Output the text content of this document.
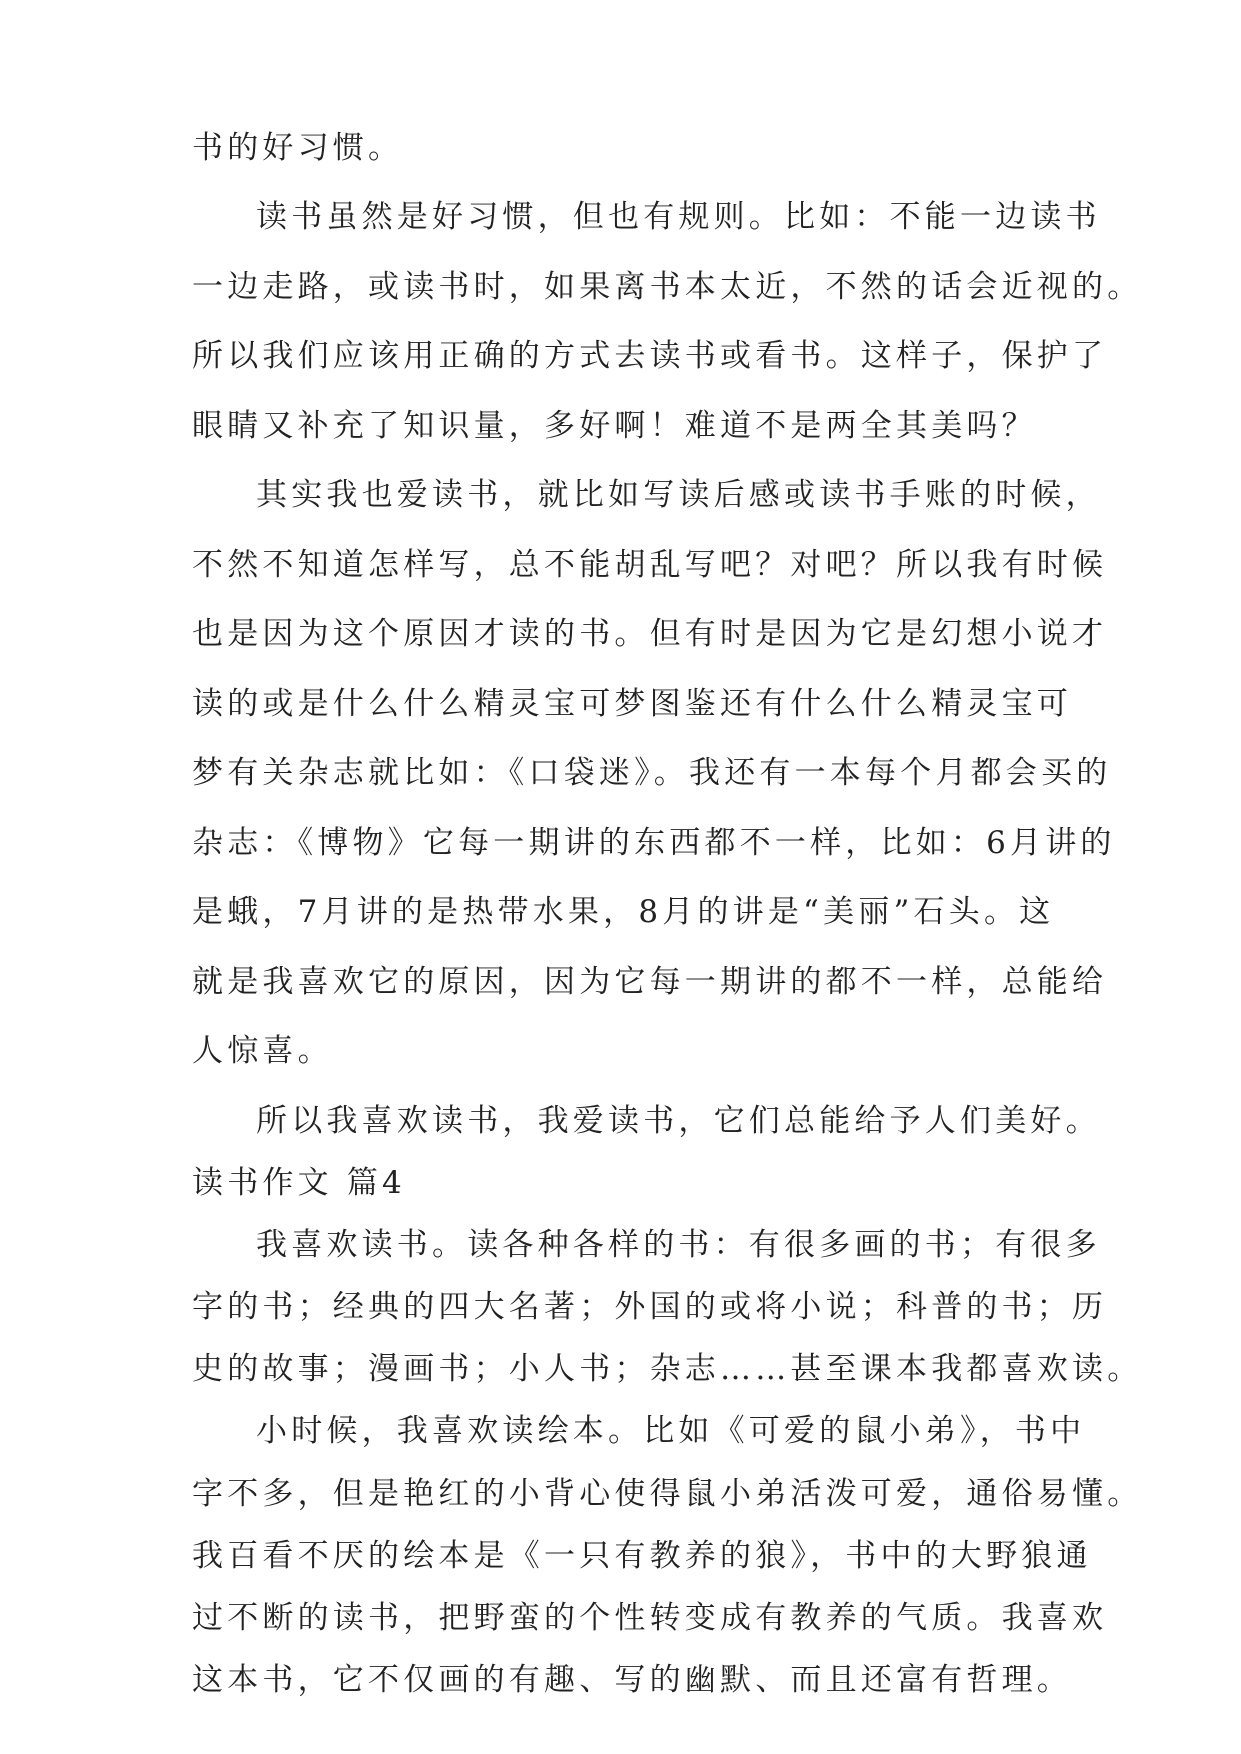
书的好习惯。
读书虽然是好习惯，但也有规则。比如：不能一边读书
一边走路，或读书时，如果离书本太近，不然的话会近视的。
所以我们应该用正确的方式去读书或看书。这样子，保护了
眼睛又补充了知识量，多好啊！难道不是两全其美吗？
其实我也爱读书，就比如写读后感或读书手账的时候，
不然不知道怎样写，总不能胡乱写吧？对吧？所以我有时候
也是因为这个原因才读的书。但有时是因为它是幻想小说才
读的或是什么什么精灵宝可梦图鉴还有什么什么精灵宝可
梦有关杂志就比如：《口袋迷》。我还有一本每个月都会买的
杂志：《博物》它每一期讲的东西都不一样，比如：6月讲的
是蛾，7月讲的是热带水果，8月的讲是“美丽”石头。这
就是我喜欢它的原因，因为它每一期讲的都不一样，总能给
人惊喜。
所以我喜欢读书，我爱读书，它们总能给予人们美好。
读书作文 篇4
我喜欢读书。读各种各样的书：有很多画的书；有很多
字的书；经典的四大名著；外国的或将小说；科普的书；历
史的故事；漫画书；小人书；杂志……甚至课本我都喜欢读。
小时候，我喜欢读绘本。比如《可爱的鼠小弟》，书中
字不多，但是艳红的小背心使得鼠小弟活泼可爱，通俗易懂。
我百看不厌的绘本是《一只有教养的狼》，书中的大野狼通
过不断的读书，把野蛮的个性转变成有教养的气质。我喜欢
这本书，它不仅画的有趣、写的幽默、而且还富有哲理。
